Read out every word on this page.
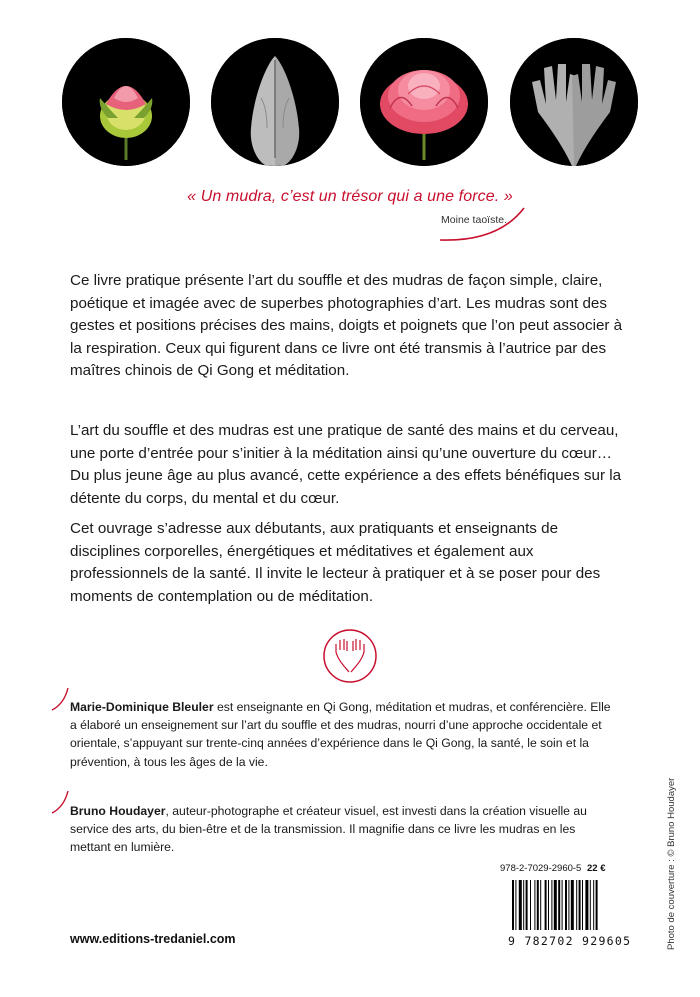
« Un mudra, c’est un trésor qui a une force. »
Moine taoïste.

Ce livre pratique présente l’art du souffle et des mudras de façon simple, claire, poétique et imagée avec de superbes photographies d’art. Les mudras sont des gestes et positions précises des mains, doigts et poignets que l’on peut associer à la respiration. Ceux qui figurent dans ce livre ont été transmis à l’autrice par des maîtres chinois de Qi Gong et méditation.

L’art du souffle et des mudras est une pratique de santé des mains et du cerveau, une porte d’entrée pour s’initier à la méditation ainsi qu’une ouverture du cœur… Du plus jeune âge au plus avancé, cette expérience a des effets bénéfiques sur la détente du corps, du mental et du cœur.

Cet ouvrage s’adresse aux débutants, aux pratiquants et enseignants de disciplines corporelles, énergétiques et méditatives et également aux professionnels de la santé. Il invite le lecteur à pratiquer et à se poser pour des moments de contemplation ou de méditation.

Marie-Dominique Bleuler est enseignante en Qi Gong, méditation et mudras, et conférencière. Elle a élaboré un enseignement sur l’art du souffle et des mudras, nourri d’une approche occidentale et orientale, s’appuyant sur trente-cinq années d’expérience dans le Qi Gong, la santé, le soin et la prévention, à tous les âges de la vie.
Bruno Houdayer, auteur-photographe et créateur visuel, est investi dans la création visuelle au service des arts, du bien-être et de la transmission. Il magnifie dans ce livre les mudras en les mettant en lumière.
978-2-7029-2960-5 22 €
9 782702 929605
www.editions-tredaniel.com	Photo de couverture : © Bruno Houdayer
